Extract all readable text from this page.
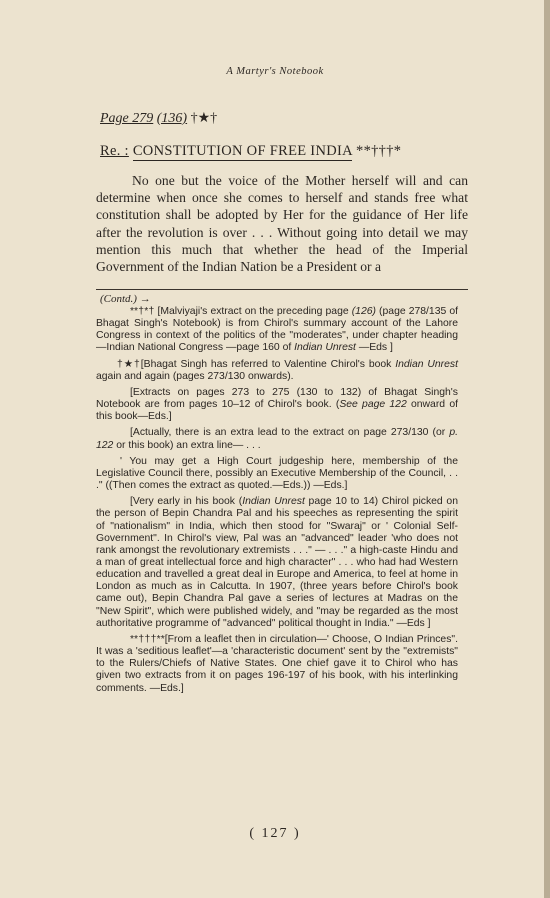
A Martyr's Notebook
Page 279 (136) †★†
Re. : CONSTITUTION OF FREE INDIA **†††*
No one but the voice of the Mother herself will and can determine when once she comes to herself and stands free what constitution shall be adopted by Her for the guidance of Her life after the revolution is over . . . Without going into detail we may mention this much that whether the head of the Imperial Government of the Indian Nation be a President or a
(Contd.) →

**†*† [Malviyaji's extract on the preceding page (126) (page 278/135 of Bhagat Singh's Notebook) is from Chirol's summary account of the Lahore Congress in context of the politics of the "moderates", under chapter heading—Indian National Congress —page 160 of Indian Unrest —Eds ]

†★†[Bhagat Singh has referred to Valentine Chirol's book Indian Unrest again and again (pages 273/130 onwards).

[Extracts on pages 273 to 275 (130 to 132) of Bhagat Singh's Notebook are from pages 10–12 of Chirol's book. (See page 122 onward of this book—Eds.]

[Actually, there is an extra lead to the extract on page 273/130 (or p. 122 or this book) an extra line— . . .

' You may get a High Court judgeship here, membership of the Legislative Council there, possibly an Executive Membership of the Council, . . ." ((Then comes the extract as quoted.—Eds.)) —Eds.]

[Very early in his book (Indian Unrest page 10 to 14) Chirol picked on the person of Bepin Chandra Pal and his speeches as representing the spirit of "nationalism" in India, which then stood for "Swaraj" or ' Colonial Self-Government". In Chirol's view, Pal was an "advanced" leader 'who does not rank amongst the revolutionary extremists . . ." — . . ." a high-caste Hindu and a man of great intellectual force and high character" . . . who had had Western education and travelled a great deal in Europe and America, to feel at home in London as much as in Calcutta. In 1907, (three years before Chirol's book came out), Bepin Chandra Pal gave a series of lectures at Madras on the "New Spirit", which were published widely, and "may be regarded as the most authoritative programme of "advanced" political thought in India." —Eds ]

**†††**[From a leaflet then in circulation—' Choose, O Indian Princes". It was a 'seditious leaflet'—a 'characteristic document' sent by the "extremists" to the Rulers/Chiefs of Native States. One chief gave it to Chirol who has given two extracts from it on pages 196-197 of his book, with his interlinking comments. —Eds.]

( 127 )
